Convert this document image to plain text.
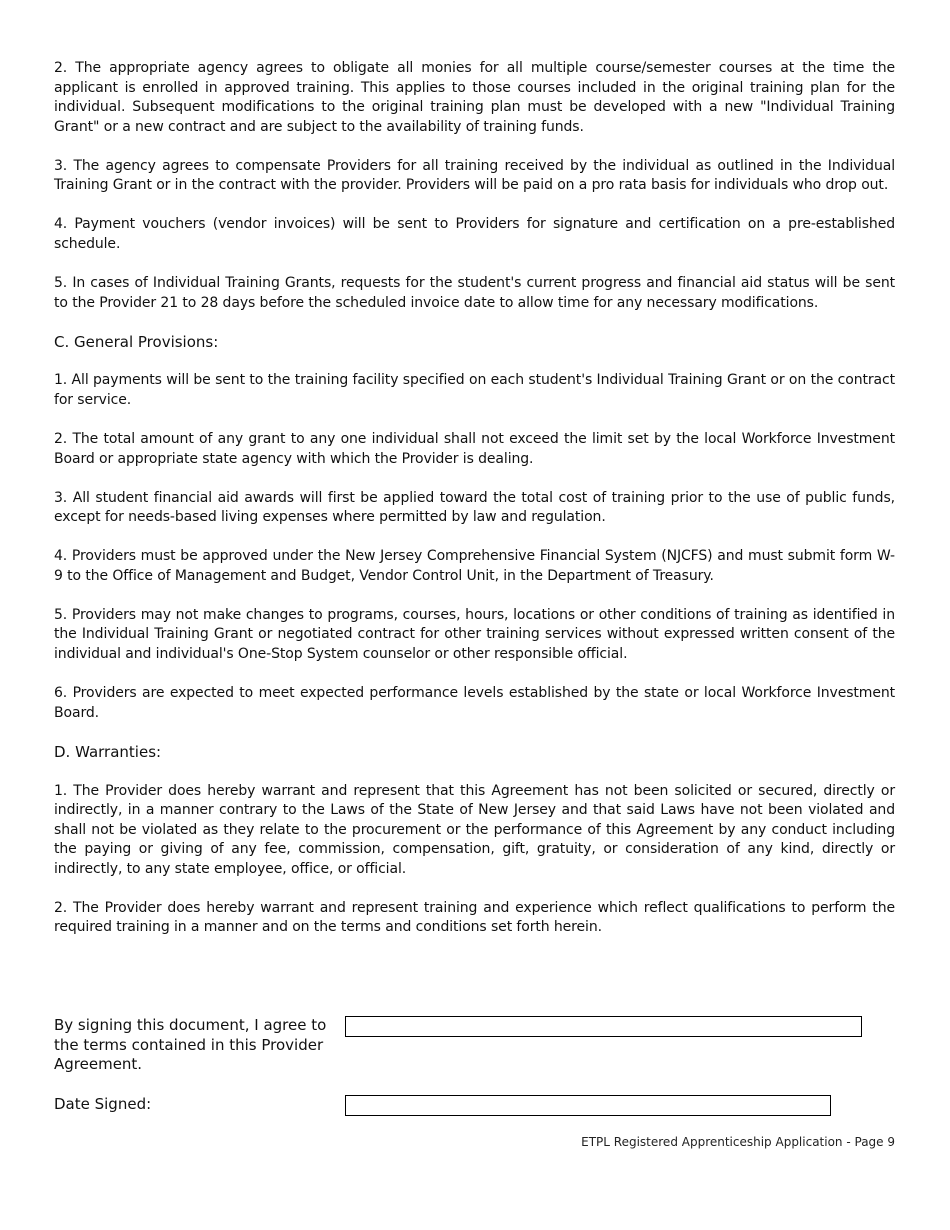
2. The appropriate agency agrees to obligate all monies for all multiple course/semester courses at the time the applicant is enrolled in approved training. This applies to those courses included in the original training plan for the individual. Subsequent modifications to the original training plan must be developed with a new "Individual Training Grant" or a new contract and are subject to the availability of training funds.

3. The agency agrees to compensate Providers for all training received by the individual as outlined in the Individual Training Grant or in the contract with the provider. Providers will be paid on a pro rata basis for individuals who drop out.

4. Payment vouchers (vendor invoices) will be sent to Providers for signature and certification on a pre-established schedule.

5. In cases of Individual Training Grants, requests for the student's current progress and financial aid status will be sent to the Provider 21 to 28 days before the scheduled invoice date to allow time for any necessary modifications.

C. General Provisions:

1. All payments will be sent to the training facility specified on each student's Individual Training Grant or on the contract for service.

2. The total amount of any grant to any one individual shall not exceed the limit set by the local Workforce Investment Board or appropriate state agency with which the Provider is dealing.

3. All student financial aid awards will first be applied toward the total cost of training prior to the use of public funds, except for needs-based living expenses where permitted by law and regulation.

4. Providers must be approved under the New Jersey Comprehensive Financial System (NJCFS) and must submit form W-9 to the Office of Management and Budget, Vendor Control Unit, in the Department of Treasury.

5. Providers may not make changes to programs, courses, hours, locations or other conditions of training as identified in the Individual Training Grant or negotiated contract for other training services without expressed written consent of the individual and individual's One-Stop System counselor or other responsible official.

6. Providers are expected to meet expected performance levels established by the state or local Workforce Investment Board.

D. Warranties:

1. The Provider does hereby warrant and represent that this Agreement has not been solicited or secured, directly or indirectly, in a manner contrary to the Laws of the State of New Jersey and that said Laws have not been violated and shall not be violated as they relate to the procurement or the performance of this Agreement by any conduct including the paying or giving of any fee, commission, compensation, gift, gratuity, or consideration of any kind, directly or indirectly, to any state employee, office, or official.

2. The Provider does hereby warrant and represent training and experience which reflect qualifications to perform the required training in a manner and on the terms and conditions set forth herein.

By signing this document, I agree to the terms contained in this Provider Agreement.
Date Signed:
ETPL Registered Apprenticeship Application - Page 9
